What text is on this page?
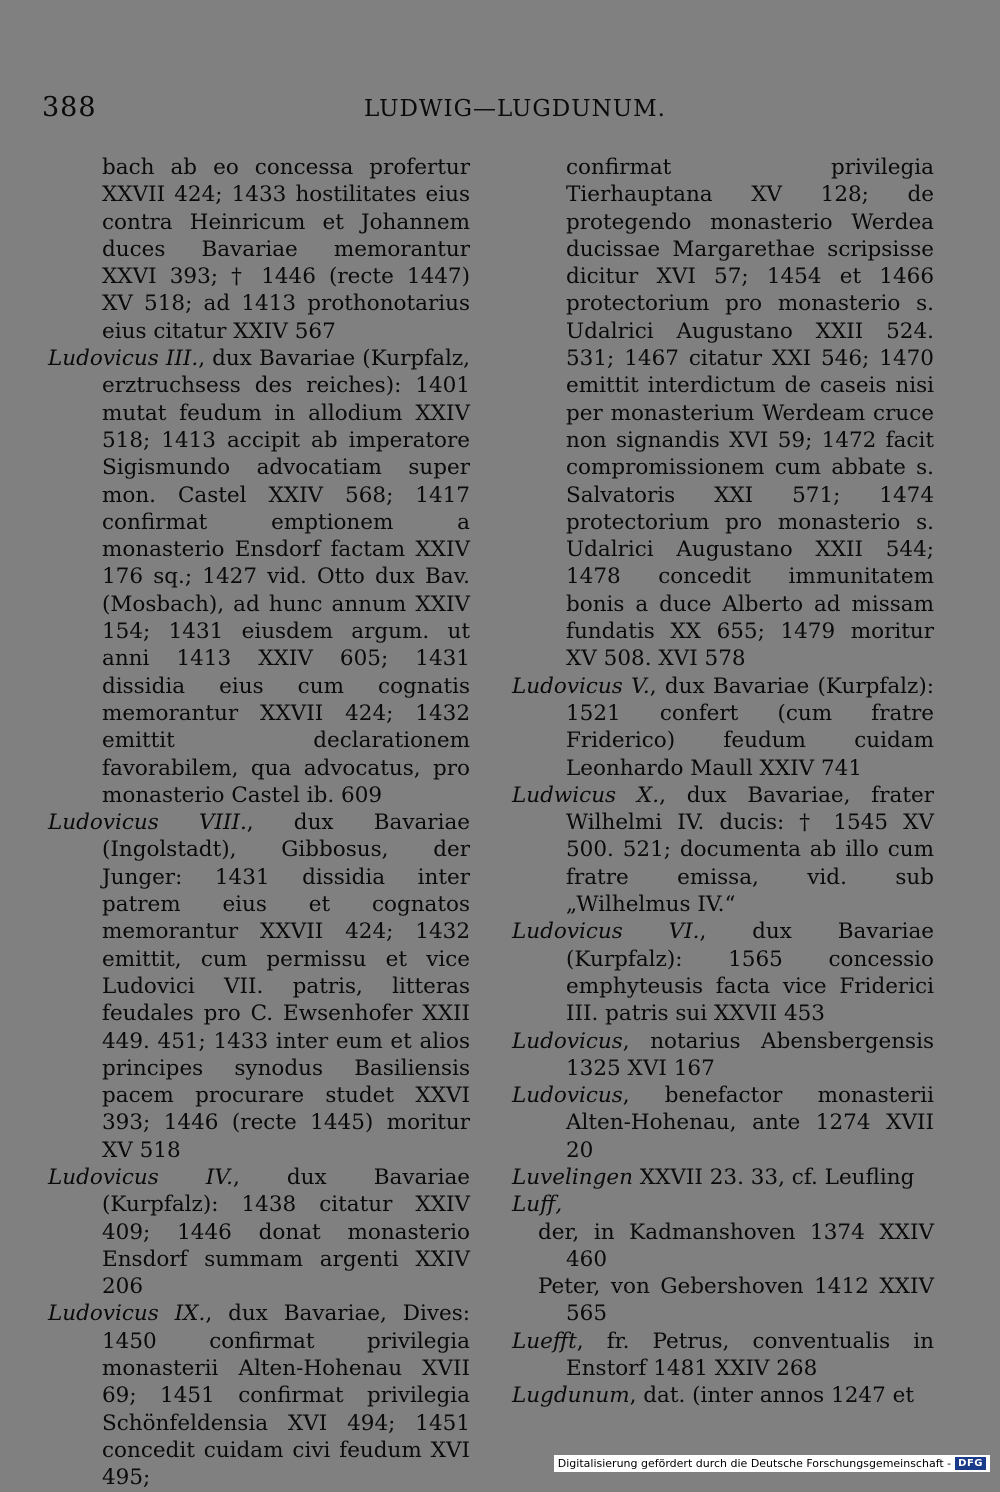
388	LUDWIG—LUGDUNUM.

bach ab eo concessa profertur XXVII 424; 1433 hostilitates eius contra Heinricum et Johannem duces Bavariae memorantur XXVI 393; † 1446 (recte 1447) XV 518; ad 1413 prothonotarius eius citatur XXIV 567

Ludovicus III., dux Bavariae (Kurpfalz, erztruchsess des reiches): 1401 mutat feudum in allodium XXIV 518; 1413 accipit ab imperatore Sigismundo advocatiam super mon. Castel XXIV 568; 1417 confirmat emptionem a monasterio Ensdorf factam XXIV 176 sq.; 1427 vid. Otto dux Bav. (Mosbach), ad hunc annum XXIV 154; 1431 eiusdem argum. ut anni 1413 XXIV 605; 1431 dissidia eius cum cognatis memorantur XXVII 424; 1432 emittit declarationem favorabilem, qua advocatus, pro monasterio Castel ib. 609

Ludovicus VIII., dux Bavariae (Ingolstadt), Gibbosus, der Junger: 1431 dissidia inter patrem eius et cognatos memorantur XXVII 424; 1432 emittit, cum permissu et vice Ludovici VII. patris, litteras feudales pro C. Ewsenhofer XXII 449. 451; 1433 inter eum et alios principes synodus Basiliensis pacem procurare studet XXVI 393; 1446 (recte 1445) moritur XV 518

Ludovicus IV., dux Bavariae (Kurpfalz): 1438 citatur XXIV 409; 1446 donat monasterio Ensdorf summam argenti XXIV 206

Ludovicus IX., dux Bavariae, Dives: 1450 confirmat privilegia monasterii Alten-Hohenau XVII 69; 1451 confirmat privilegia Schönfeldensia XVI 494; 1451 concedit cuidam civi feudum XVI 495;

confirmat privilegia Tierhauptana XV 128; de protegendo monasterio Werdea ducissae Margarethae scripsisse dicitur XVI 57; 1454 et 1466 protectorium pro monasterio s. Udalrici Augustano XXII 524. 531; 1467 citatur XXI 546; 1470 emittit interdictum de caseis nisi per monasterium Werdeam cruce non signandis XVI 59; 1472 facit compromissionem cum abbate s. Salvatoris XXI 571; 1474 protectorium pro monasterio s. Udalrici Augustano XXII 544; 1478 concedit immunitatem bonis a duce Alberto ad missam fundatis XX 655; 1479 moritur XV 508. XVI 578

Ludovicus V., dux Bavariae (Kurpfalz): 1521 confert (cum fratre Friderico) feudum cuidam Leonhardo Maull XXIV 741

Ludwicus X., dux Bavariae, frater Wilhelmi IV. ducis: † 1545 XV 500. 521; documenta ab illo cum fratre emissa, vid. sub „Wilhelmus IV.“

Ludovicus VI., dux Bavariae (Kurpfalz): 1565 concessio emphyteusis facta vice Friderici III. patris sui XXVII 453

Ludovicus, notarius Abensbergensis 1325 XVI 167

Ludovicus, benefactor monasterii Alten-Hohenau, ante 1274 XVII 20

Luvelingen XXVII 23. 33, cf. Leufling

Luff,

der, in Kadmanshoven 1374 XXIV 460

Peter, von Gebershoven 1412 XXIV 565

Luefft, fr. Petrus, conventualis in Enstorf 1481 XXIV 268

Lugdunum, dat. (inter annos 1247 et

Digitalisierung gefördert durch die Deutsche Forschungsgemeinschaft - DFG
